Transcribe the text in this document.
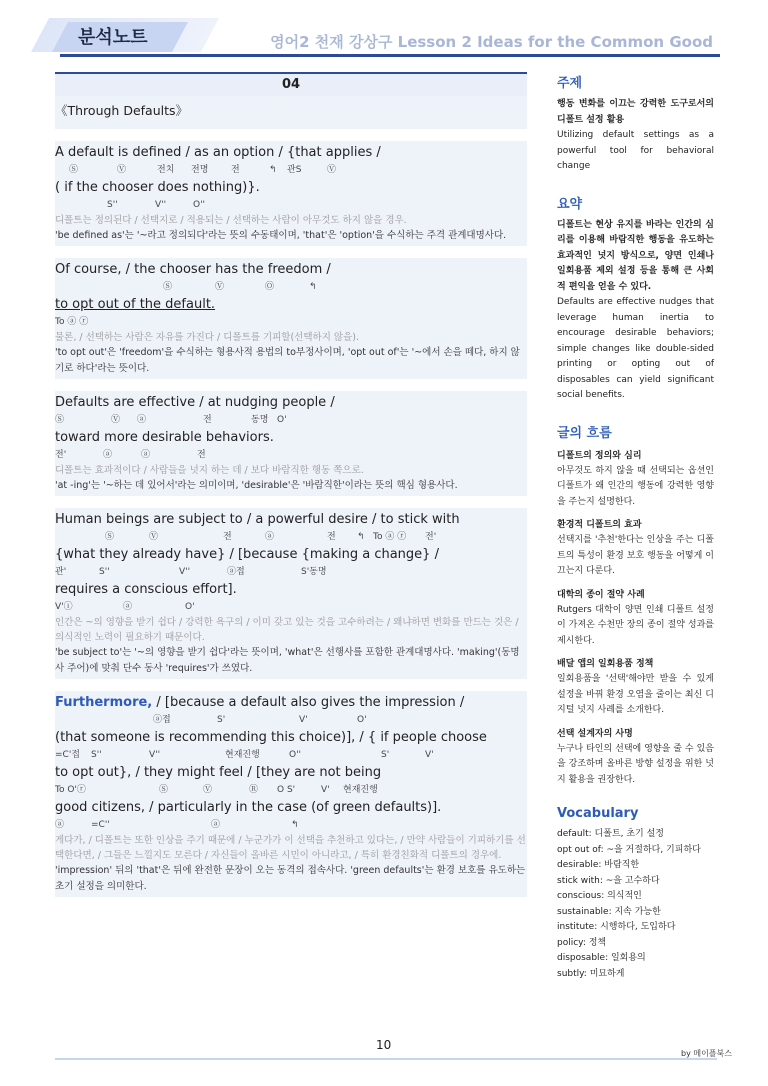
분석노트	영어2 천재 강상구 Lesson 2 Ideas for the Common Good
04
《Through Defaults》
A default is defined / as an option / {that applies /
Ⓢ	Ⓥ	전치 전명	전	↰ 관S	Ⓥ
( if the chooser does nothing)}.
S''	V''	O''
디폴트는 정의된다 / 선택지로 / 적용되는 / 선택하는 사람이 아무것도 하지 않을 경우.
'be defined as'는 '~라고 정의되다'라는 뜻의 수동태이며, 'that'은 'option'을 수식하는 주격 관계대명사다.
Of course, / the chooser has the freedom /
Ⓢ	Ⓥ	Ⓞ	↰
to opt out of the default.
To ⓐ ⓡ
물론, / 선택하는 사람은 자유를 가진다 / 디폴트를 기피할(선택하지 않을).
'to opt out'은 'freedom'을 수식하는 형용사적 용법의 to부정사이며, 'opt out of'는 '~에서 손을 떼다, 하지 않기로 하다'라는 뜻이다.
Defaults are effective / at nudging people /
Ⓢ	Ⓥ ⓐ	전	동명 O'
toward more desirable behaviors.
전'	ⓐ	ⓐ	전
디폴트는 효과적이다 / 사람들을 넛지 하는 데 / 보다 바람직한 행동 쪽으로.
'at -ing'는 '~하는 데 있어서'라는 의미이며, 'desirable'은 '바람직한'이라는 뜻의 핵심 형용사다.
Human beings are subject to / a powerful desire / to stick with
Ⓢ	Ⓥ	전	ⓐ	전 ↰ To ⓐ ⓡ 전'
{what they already have} / [because {making a change} /
관'	S''	V''	ⓐ접	S'동명
requires a conscious effort].
V'ⓘ	ⓐ	O'
인간은 ~의 영향을 받기 쉽다 / 강력한 욕구의 / 이미 갖고 있는 것을 고수하려는 / 왜냐하면 변화를 만드는 것은 / 의식적인 노력이 필요하기 때문이다.
'be subject to'는 '~의 영향을 받기 쉽다'라는 뜻이며, 'what'은 선행사를 포함한 관계대명사다. 'making'(동명사 주어)에 맞춰 단수 동사 'requires'가 쓰였다.
Furthermore, / [because a default also gives the impression /
ⓐ접	S'	V'	O'
(that someone is recommending this choice)], / { if people choose
=C'접 S''	V''	현재진행	O''	S'	V'
to opt out}, / they might feel / [they are not being
To O'ⓡ	Ⓢ	Ⓥ	Ⓡ O S'	V' 현재진행
good citizens, / particularly in the case (of green defaults)].
ⓐ	=C''	ⓐ	↰
게다가, / 디폴트는 또한 인상을 주기 때문에 / 누군가가 이 선택을 추천하고 있다는, / 만약 사람들이 기피하기를 선택한다면, / 그들은 느낄지도 모른다 / 자신들이 올바른 시민이 아니라고, / 특히 환경친화적 디폴트의 경우에.
'impression' 뒤의 'that'은 뒤에 완전한 문장이 오는 동격의 접속사다. 'green defaults'는 환경 보호를 유도하는 초기 설정을 의미한다.
주제
행동 변화를 이끄는 강력한 도구로서의 디폴트 설정 활용
Utilizing default settings as a powerful tool for behavioral change
요약
디폴트는 현상 유지를 바라는 인간의 심리를 이용해 바람직한 행동을 유도하는 효과적인 넛지 방식으로, 양면 인쇄나 일회용품 제외 설정 등을 통해 큰 사회적 편익을 얻을 수 있다.
Defaults are effective nudges that leverage human inertia to encourage desirable behaviors; simple changes like double-sided printing or opting out of disposables can yield significant social benefits.
글의 흐름
디폴트의 정의와 심리
아무것도 하지 않을 때 선택되는 옵션인 디폴트가 왜 인간의 행동에 강력한 영향을 주는지 설명한다.
환경적 디폴트의 효과
선택지를 '추천'한다는 인상을 주는 디폴트의 특성이 환경 보호 행동을 어떻게 이끄는지 다룬다.
대학의 종이 절약 사례
Rutgers 대학이 양면 인쇄 디폴트 설정이 가져온 수천만 장의 종이 절약 성과를 제시한다.
배달 앱의 일회용품 정책
일회용품을 '선택'해야만 받을 수 있게 설정을 바꿔 환경 오염을 줄이는 최신 디지털 넛지 사례를 소개한다.
선택 설계자의 사명
누구나 타인의 선택에 영향을 줄 수 있음을 강조하며 올바른 방향 설정을 위한 넛지 활용을 권장한다.
Vocabulary
default: 디폴트, 초기 설정
opt out of: ~을 거절하다, 기피하다
desirable: 바람직한
stick with: ~을 고수하다
conscious: 의식적인
sustainable: 지속 가능한
institute: 시행하다, 도입하다
policy: 정책
disposable: 일회용의
subtly: 미묘하게
10
by 메이플북스
